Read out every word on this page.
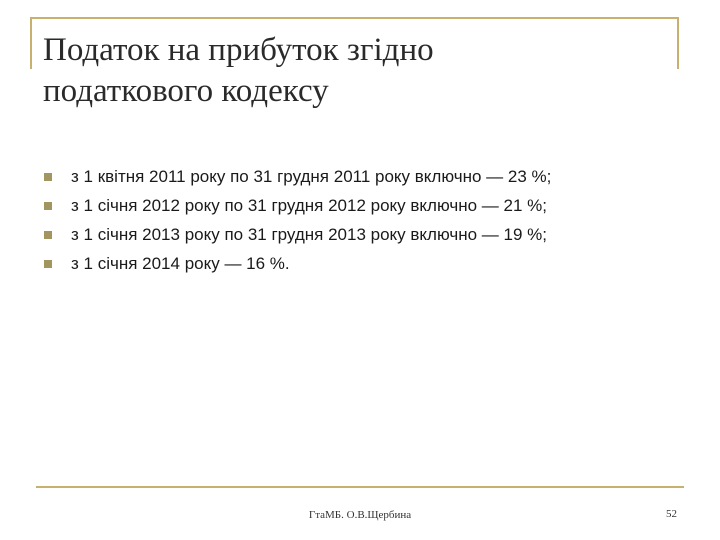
Податок на прибуток згідно
податкового кодексу
з 1 квітня 2011 року по 31 грудня 2011 року включно — 23 %;
з 1 січня 2012 року по 31 грудня 2012 року включно — 21 %;
з 1 січня 2013 року по 31 грудня 2013 року включно — 19 %;
з 1 січня 2014 року — 16 %.
ГтаМБ. О.В.Щербина	52
